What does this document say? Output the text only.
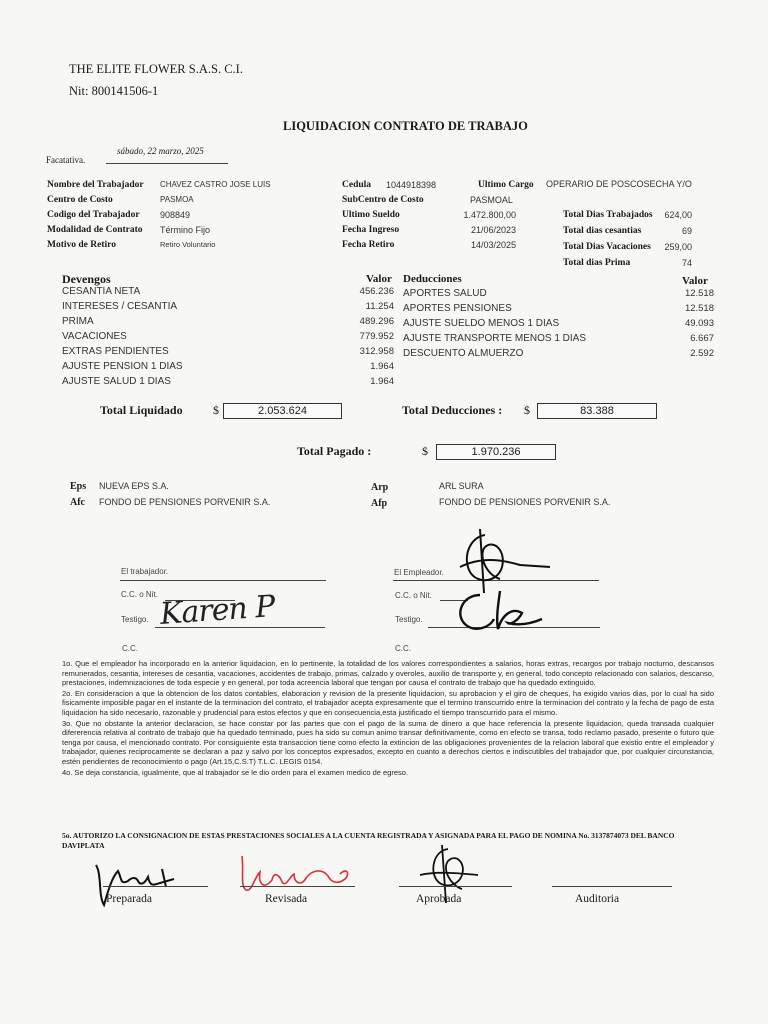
THE ELITE FLOWER S.A.S. C.I.
Nit: 800141506-1
LIQUIDACION CONTRATO DE TRABAJO
sábado, 22 marzo, 2025
Facatativa.
Nombre del Trabajador CHAVEZ CASTRO JOSE LUIS
Centro de Costo	PASMOA
Codigo del Trabajador 908849
Modalidad de Contrato Término Fijo
Motivo de Retiro	Retiro Voluntario
Cedula 1044918398
SubCentro de Costo	PASMOAL
Ultimo Sueldo	1.472.800,00
Fecha Ingreso	21/06/2023
Fecha Retiro	14/03/2025
Ultimo Cargo OPERARIO DE POSCOSECHA Y/O
Total Dias Trabajados	624,00
Total dias cesantias	69
Total Dias Vacaciones	259,00
Total dias Prima	74
Devengos	Valor
CESANTIA NETA	456.236
INTERESES / CESANTIA	11.254
PRIMA	489.296
VACACIONES	779.952
EXTRAS PENDIENTES	312.958
AJUSTE PENSION 1 DIAS	1.964
AJUSTE SALUD 1 DIAS	1.964
Deducciones	Valor
APORTES SALUD	12.518
APORTES PENSIONES	12.518
AJUSTE SUELDO MENOS 1 DIAS	49.093
AJUSTE TRANSPORTE MENOS 1 DIAS	6.667
DESCUENTO ALMUERZO	2.592
Total Liquidado	$	2.053.624	Total Deducciones : $	83.388
Total Pagado :	$	1.970.236
Eps NUEVA EPS S.A.
Afc FONDO DE PENSIONES PORVENIR S.A.
Arp	ARL SURA
Afp	FONDO DE PENSIONES PORVENIR S.A.
El trabajador.
C.C. o Nit.
Testigo.
C.C.
El Empleador.
C.C. o Nit.
Testigo.
C.C.
Karen P

1o. Que el empleador ha incorporado en la anterior liquidacion, en lo pertinente, la totalidad de los valores correspondientes a salarios, horas extras, recargos por trabajo nocturno, descansos remunerados, cesantia, intereses de cesantia, vacaciones, accidentes de trabajo, primas, calzado y overoles, auxilio de transporte y, en general, todo concepto relacionado con salarios, descanso, prestaciones, indemnizaciones de toda especie y en general, por toda acreencia laboral que tengan por causa el contrato de trabajo que ha quedado extinguido.

2o. En consideracion a que la obtencion de los datos contables, elaboracion y revision de la presente liquidacion, su aprobacion y el giro de cheques, ha exigido varios dias, por lo cual ha sido fisicamente imposible pagar en el instante de la terminacion del contrato, el trabajador acepta expresamente que el termino transcurrido entre la terminacion del contrato y la fecha de pago de esta liquidacion ha sido necesario, razonable y prudencial para estos efectos y que en consecuencia,esta justificado el tiempo transcurrido para el mismo.

3o. Que no obstante la anterior declaracion, se hace constar por las partes que con el pago de la suma de dinero a que hace referencia la presente liquidacion, queda transada cualquier difererencia relativa al contrato de trabajo que ha quedado terminado, pues ha sido su comun animo transar definitivamente, como en efecto se transa, todo reclamo pasado, presente o futuro que tenga por causa, el mencionado contrato. Por consiguiente esta transaccion tiene como efecto la extincion de las obligaciones provenientes de la relacion laboral que existio entre el empleador y trabajador, quienes reciprocamente se declaran a paz y salvo por los conceptos expresados, excepto en cuanto a derechos ciertos e indiscutibles del trabajador que, por cualquier circunstancia, estén pendientes de reconocimiento o pago (Art.15,C.S.T) T.L.C. LEGIS 0154.

4o. Se deja constancia, igualmente, que al trabajador se le dio orden para el examen medico de egreso.

5o. AUTORIZO LA CONSIGNACION DE ESTAS PRESTACIONES SOCIALES A LA CUENTA REGISTRADA Y ASIGNADA PARA EL PAGO DE NOMINA No. 3137874073 DEL BANCO DAVIPLATA
Preparada	Revisada	Aprobada	Auditoria
